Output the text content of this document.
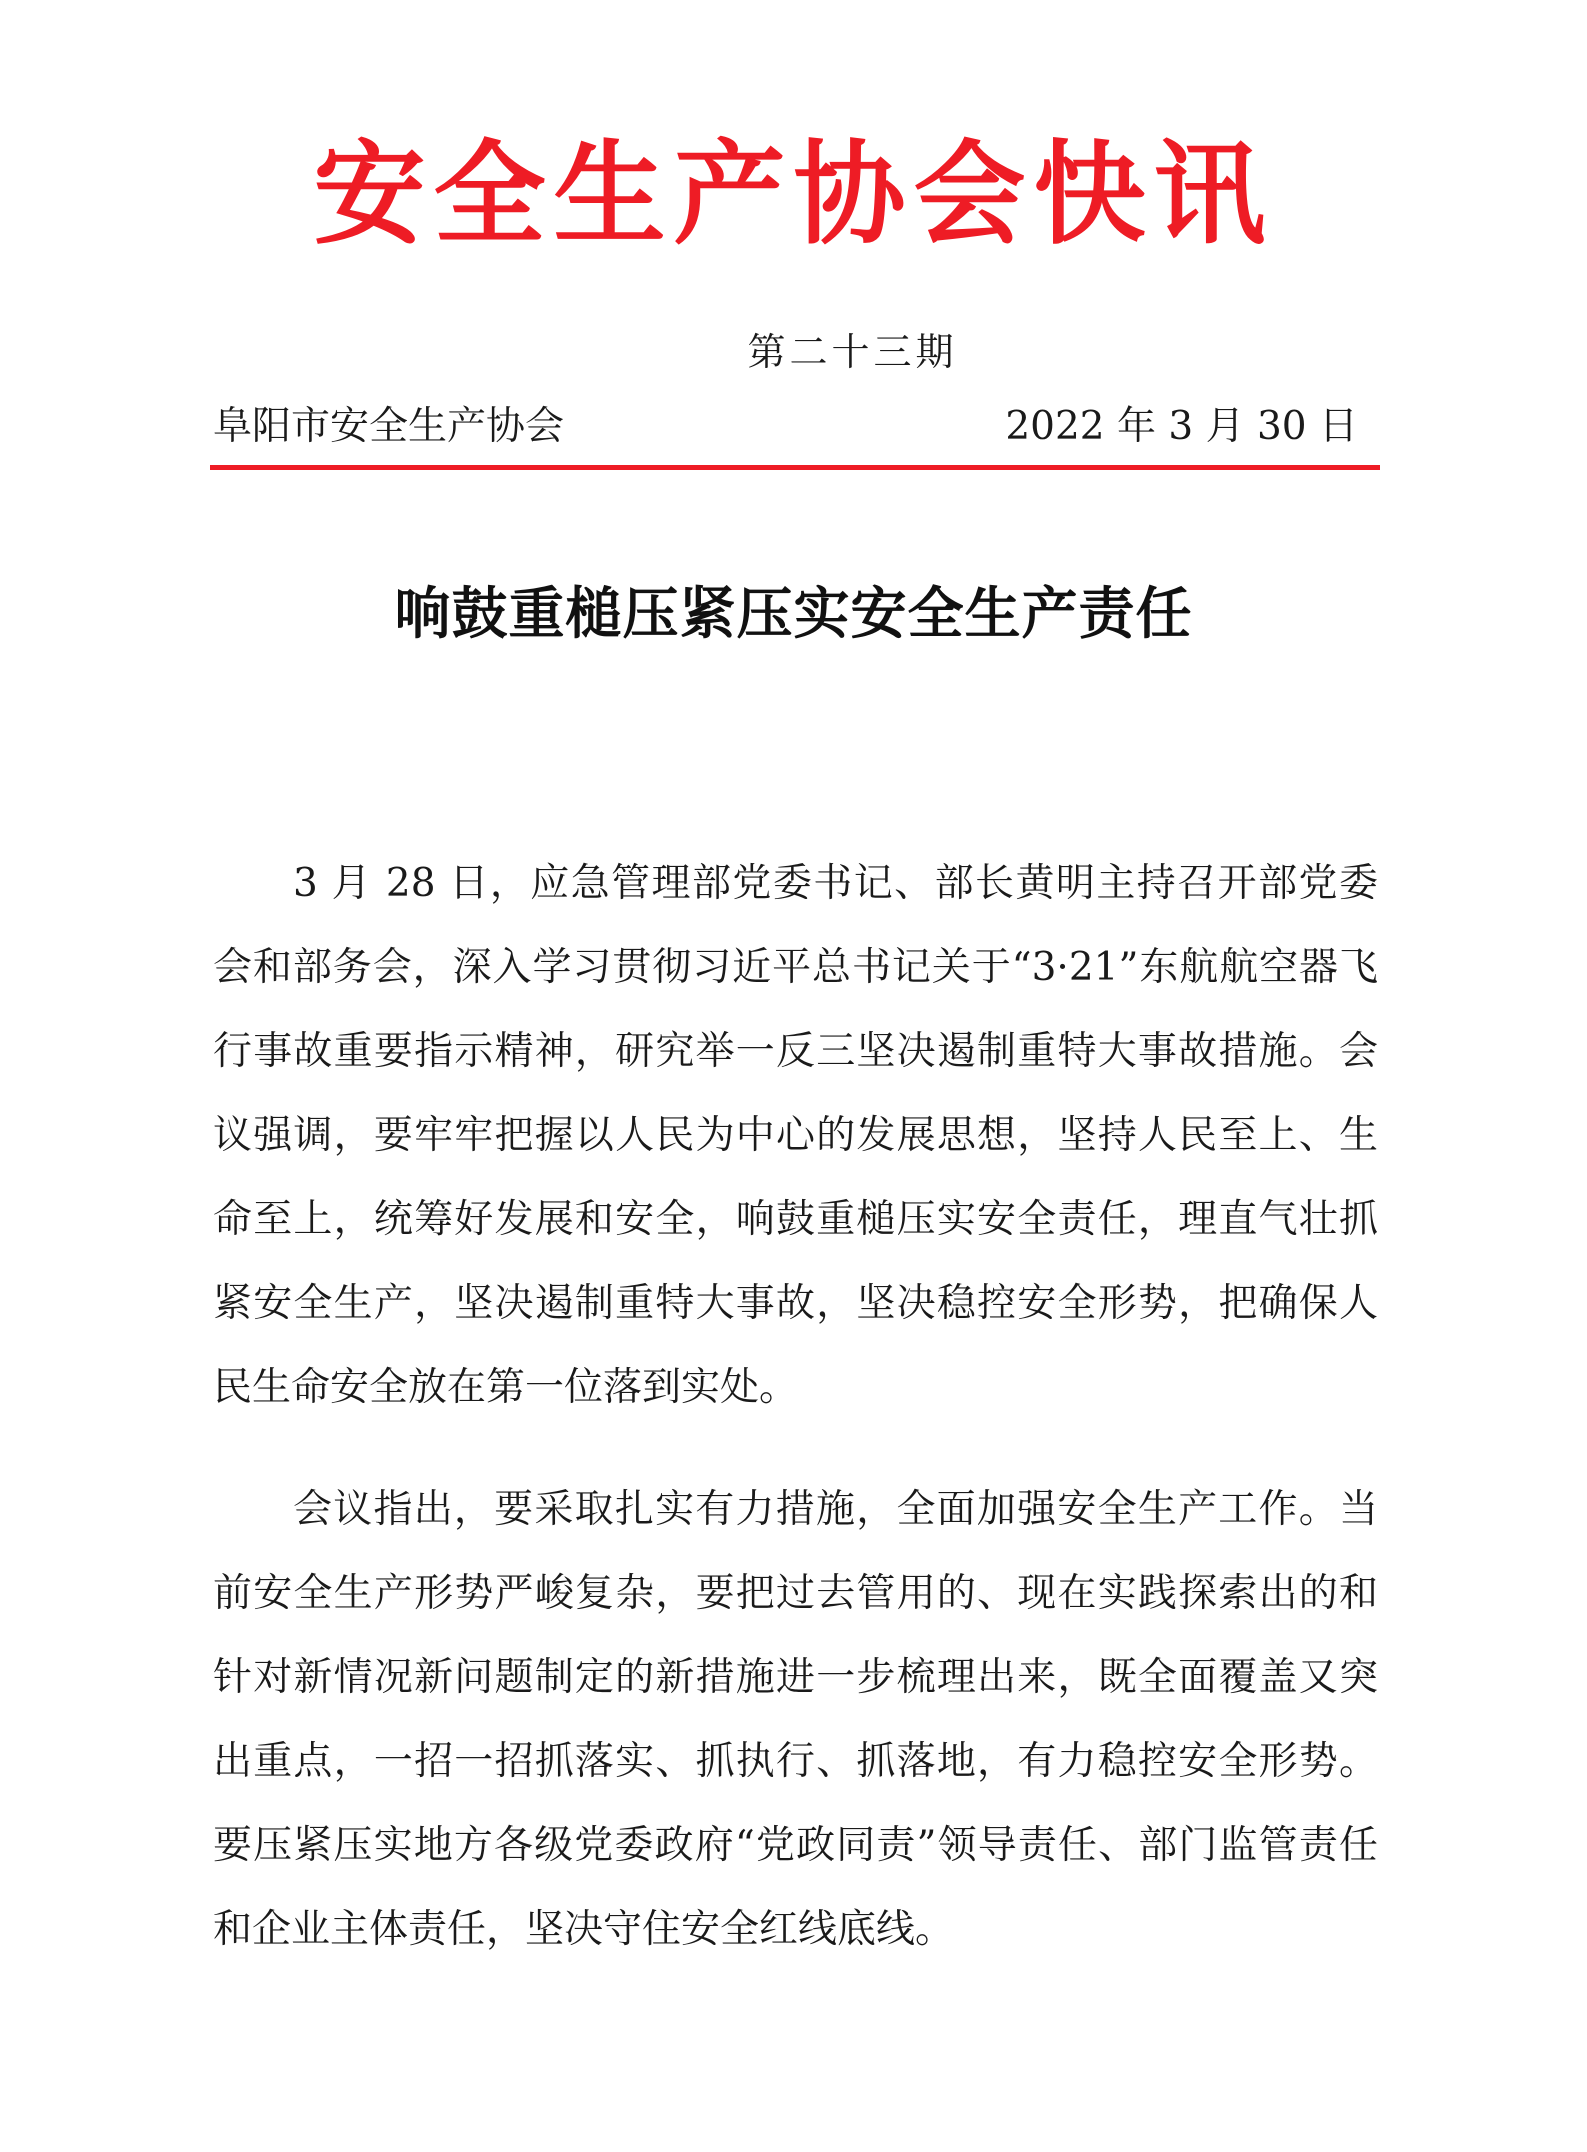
安全生产协会快讯
第二十三期
阜阳市安全生产协会	2022 年 3 月 30 日
响鼓重槌压紧压实安全生产责任

3 月 28 日，应急管理部党委书记、部长黄明主持召开部党委会和部务会，深入学习贯彻习近平总书记关于“3·21”东航航空器飞行事故重要指示精神，研究举一反三坚决遏制重特大事故措施。会议强调，要牢牢把握以人民为中心的发展思想，坚持人民至上、生命至上，统筹好发展和安全，响鼓重槌压实安全责任，理直气壮抓紧安全生产，坚决遏制重特大事故，坚决稳控安全形势，把确保人民生命安全放在第一位落到实处。

会议指出，要采取扎实有力措施，全面加强安全生产工作。当前安全生产形势严峻复杂，要把过去管用的、现在实践探索出的和针对新情况新问题制定的新措施进一步梳理出来，既全面覆盖又突出重点，一招一招抓落实、抓执行、抓落地，有力稳控安全形势。要压紧压实地方各级党委政府“党政同责”领导责任、部门监管责任和企业主体责任，坚决守住安全红线底线。
